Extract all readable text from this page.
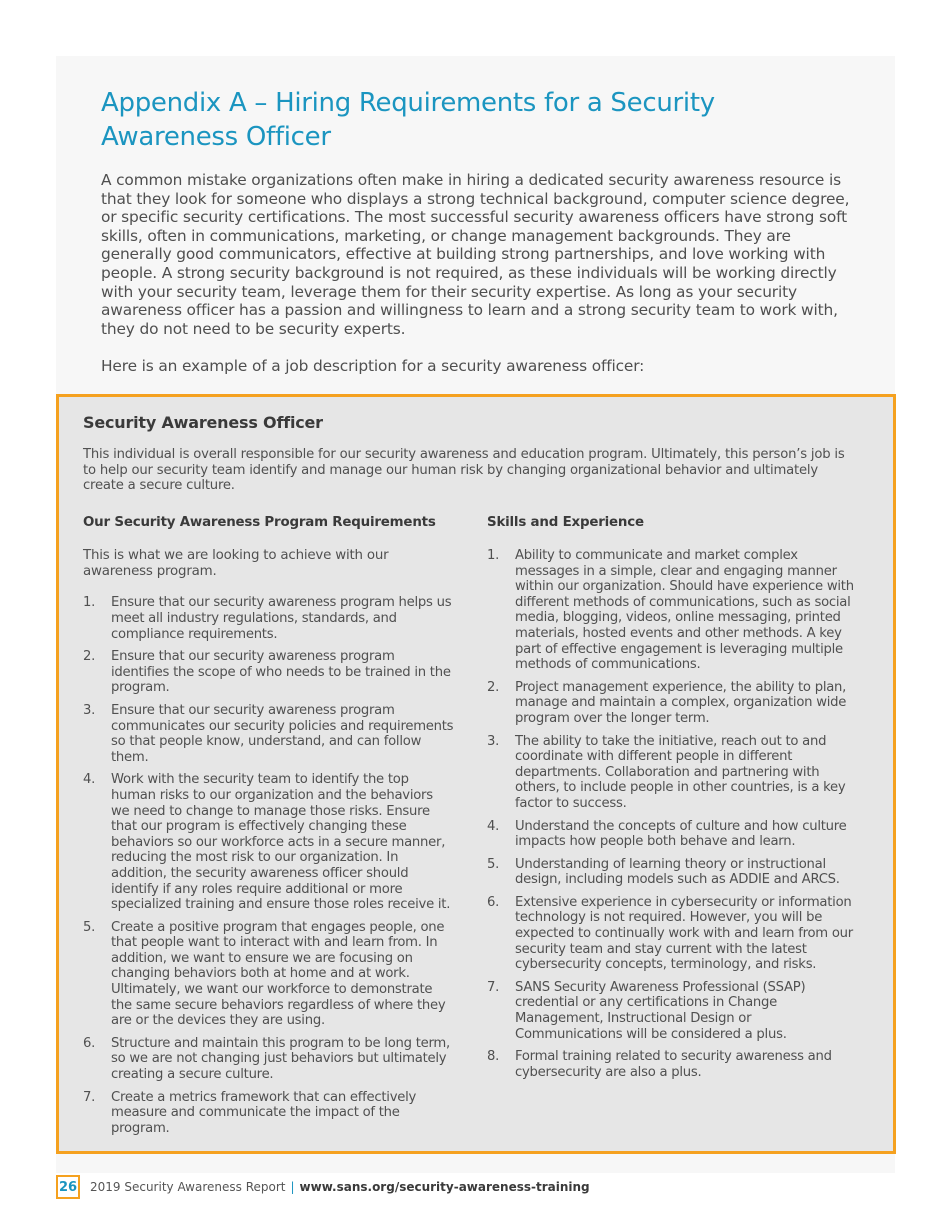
Appendix A – Hiring Requirements for a Security Awareness Officer

A common mistake organizations often make in hiring a dedicated security awareness resource is that they look for someone who displays a strong technical background, computer science degree, or specific security certifications. The most successful security awareness officers have strong soft skills, often in communications, marketing, or change management backgrounds. They are generally good communicators, effective at building strong partnerships, and love working with people. A strong security background is not required, as these individuals will be working directly with your security team, leverage them for their security expertise. As long as your security awareness officer has a passion and willingness to learn and a strong security team to work with, they do not need to be security experts.

Here is an example of a job description for a security awareness officer:

Security Awareness Officer

This individual is overall responsible for our security awareness and education program. Ultimately, this person’s job is to help our security team identify and manage our human risk by changing organizational behavior and ultimately create a secure culture.

Our Security Awareness Program Requirements

This is what we are looking to achieve with our awareness program.

1. Ensure that our security awareness program helps us meet all industry regulations, standards, and compliance requirements.
2. Ensure that our security awareness program identifies the scope of who needs to be trained in the program.
3. Ensure that our security awareness program communicates our security policies and requirements so that people know, understand, and can follow them.
4. Work with the security team to identify the top human risks to our organization and the behaviors we need to change to manage those risks. Ensure that our program is effectively changing these behaviors so our workforce acts in a secure manner, reducing the most risk to our organization. In addition, the security awareness officer should identify if any roles require additional or more specialized training and ensure those roles receive it.
5. Create a positive program that engages people, one that people want to interact with and learn from. In addition, we want to ensure we are focusing on changing behaviors both at home and at work. Ultimately, we want our workforce to demonstrate the same secure behaviors regardless of where they are or the devices they are using.
6. Structure and maintain this program to be long term, so we are not changing just behaviors but ultimately creating a secure culture.
7. Create a metrics framework that can effectively measure and communicate the impact of the program.
Skills and Experience
1. Ability to communicate and market complex messages in a simple, clear and engaging manner within our organization. Should have experience with different methods of communications, such as social media, blogging, videos, online messaging, printed materials, hosted events and other methods. A key part of effective engagement is leveraging multiple methods of communications.
2. Project management experience, the ability to plan, manage and maintain a complex, organization wide program over the longer term.
3. The ability to take the initiative, reach out to and coordinate with different people in different departments. Collaboration and partnering with others, to include people in other countries, is a key factor to success.
4. Understand the concepts of culture and how culture impacts how people both behave and learn.
5. Understanding of learning theory or instructional design, including models such as ADDIE and ARCS.
6. Extensive experience in cybersecurity or information technology is not required. However, you will be expected to continually work with and learn from our security team and stay current with the latest cybersecurity concepts, terminology, and risks.
7. SANS Security Awareness Professional (SSAP) credential or any certifications in Change Management, Instructional Design or Communications will be considered a plus.
8. Formal training related to security awareness and cybersecurity are also a plus.
26 2019 Security Awareness Report | www.sans.org/security-awareness-training
